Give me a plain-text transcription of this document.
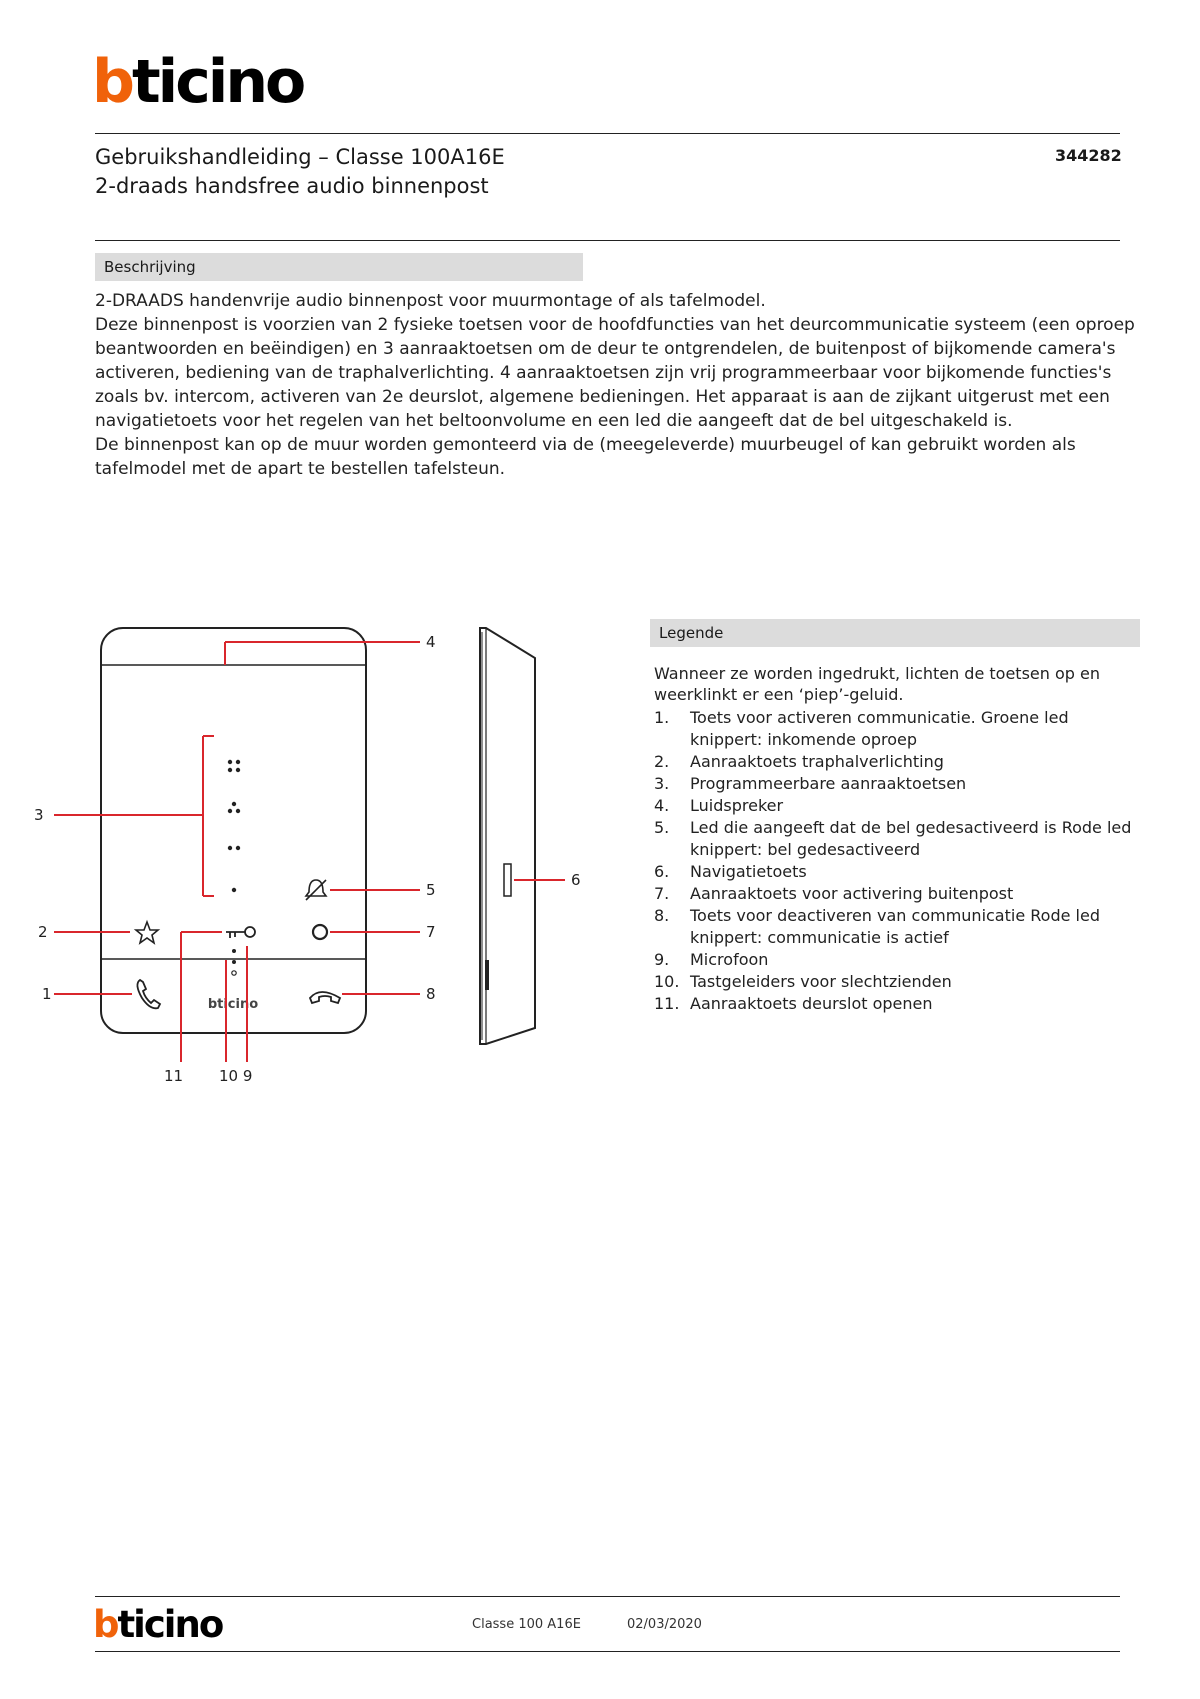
bticino
Gebruikshandleiding – Classe 100A16E
2-draads handsfree audio binnenpost
344282
Beschrijving

2-DRAADS handenvrije audio binnenpost voor muurmontage of als tafelmodel.

Deze binnenpost is voorzien van 2 fysieke toetsen voor de hoofdfuncties van het deurcommunicatie systeem (een oproep beantwoorden en beëindigen) en 3 aanraaktoetsen om de deur te ontgrendelen, de buitenpost of bijkomende camera's activeren, bediening van de traphalverlichting. 4 aanraaktoetsen zijn vrij programmeerbaar voor bijkomende functies's zoals bv. intercom, activeren van 2e deurslot, algemene bedieningen. Het apparaat is aan de zijkant uitgerust met een navigatietoets voor het regelen van het beltoonvolume en een led die aangeeft dat de bel uitgeschakeld is.

De binnenpost kan op de muur worden gemonteerd via de (meegeleverde) muurbeugel of kan gebruikt worden als tafelmodel met de apart te bestellen tafelsteun.

bticino
4
3
5
2	7
1	8
6
11 10 9
Legende
Wanneer ze worden ingedrukt, lichten de toetsen op en weerklinkt er een ‘piep’-geluid.
1.	Toets voor activeren communicatie. Groene led knippert: inkomende oproep
2.	Aanraaktoets traphalverlichting
3.	Programmeerbare aanraaktoetsen
4.	Luidspreker
5.	Led die aangeeft dat de bel gedesactiveerd is Rode led knippert: bel gedesactiveerd
6.	Navigatietoets
7.	Aanraaktoets voor activering buitenpost
8.	Toets voor deactiveren van communicatie Rode led knippert: communicatie is actief
9.	Microfoon
10. Tastgeleiders voor slechtzienden
11. Aanraaktoets deurslot openen
bticino	Classe 100 A16E	02/03/2020
